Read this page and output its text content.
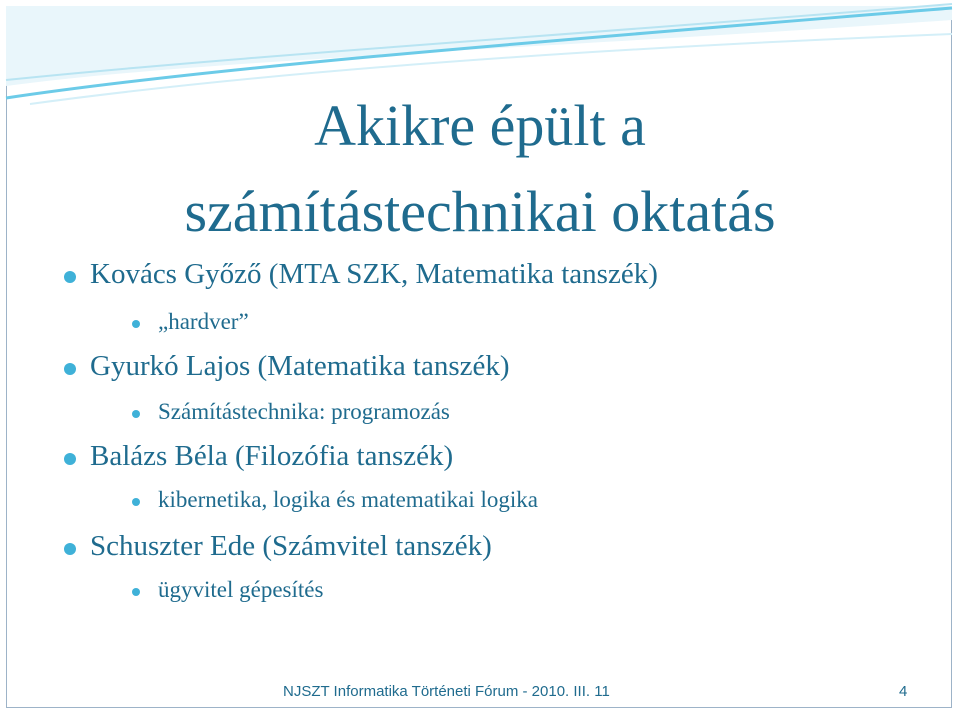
Akikre épült a
számítástechnikai oktatás
Kovács Győző (MTA SZK, Matematika tanszék)
„hardver”
Gyurkó Lajos (Matematika tanszék)
Számítástechnika: programozás
Balázs Béla (Filozófia tanszék)
kibernetika, logika és matematikai logika
Schuszter Ede (Számvitel tanszék)
ügyvitel gépesítés
NJSZT Informatika Történeti Fórum - 2010. III. 11	4
